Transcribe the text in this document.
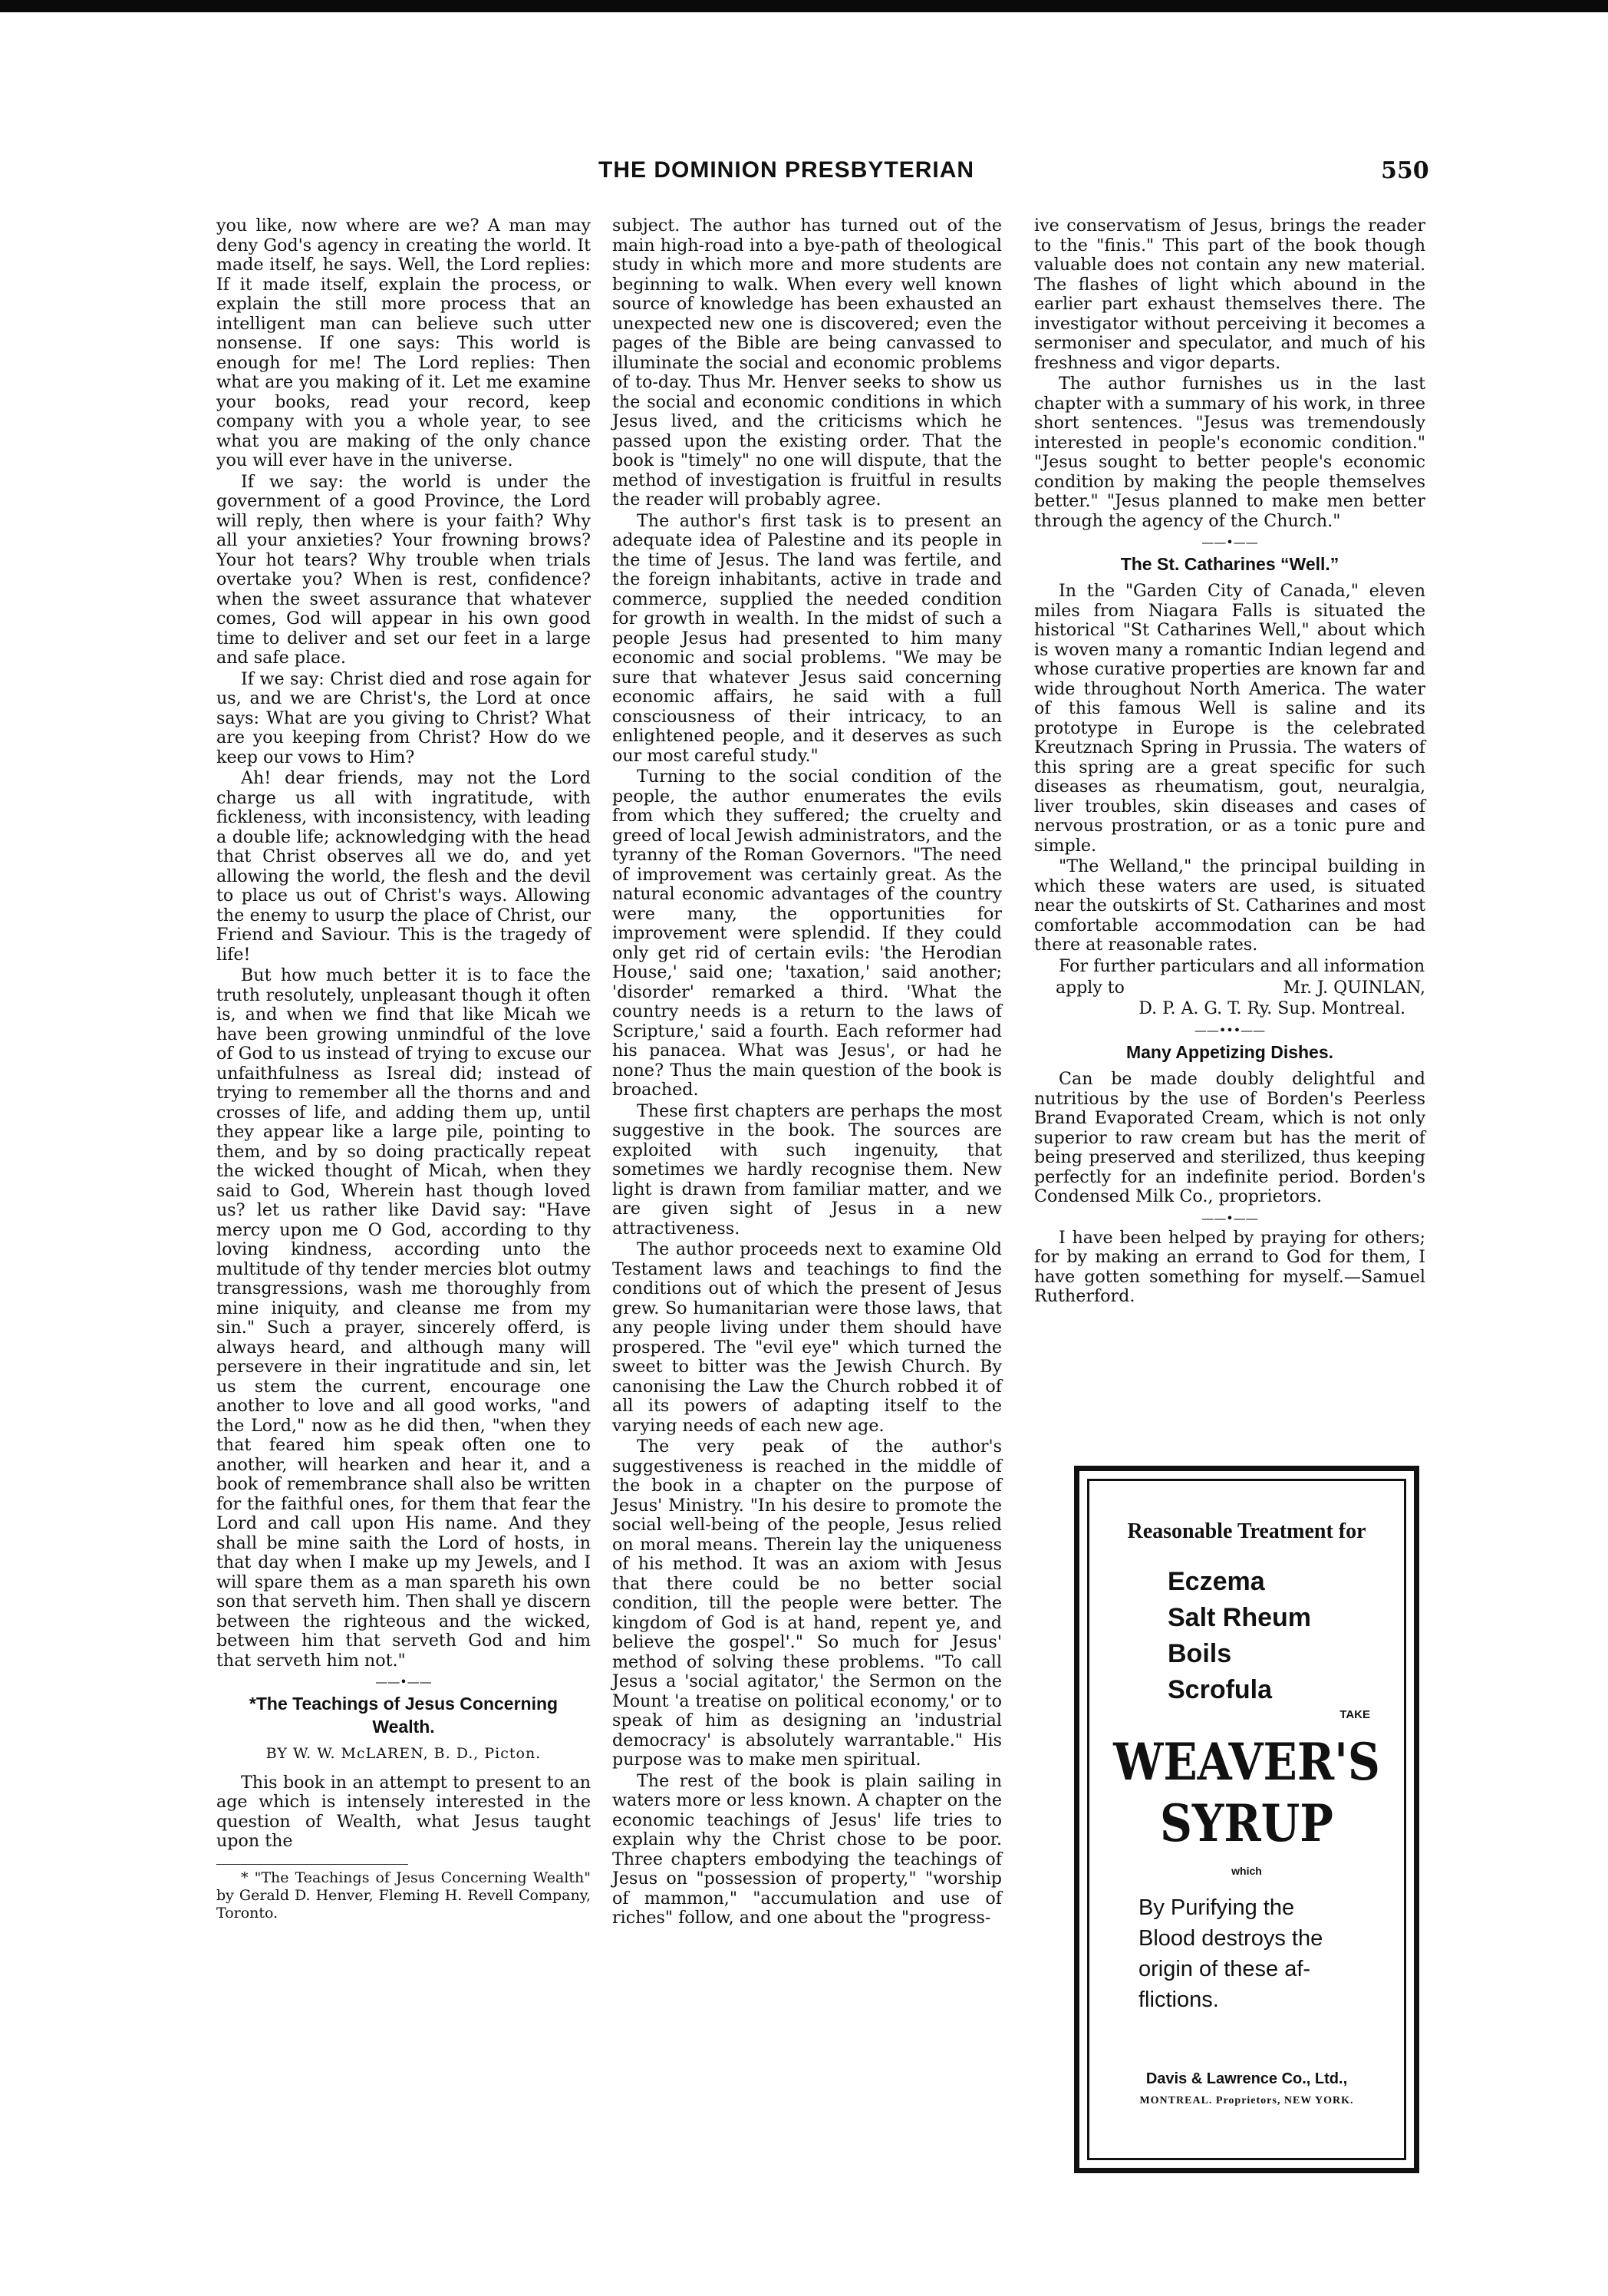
THE DOMINION PRESBYTERIAN	550

you like, now where are we? A man may deny God's agency in creating the world. It made itself, he says. Well, the Lord replies: If it made itself, explain the process, or explain the still more process that an intelligent man can believe such utter nonsense. If one says: This world is enough for me! The Lord replies: Then what are you making of it. Let me examine your books, read your record, keep company with you a whole year, to see what you are making of the only chance you will ever have in the universe.

If we say: the world is under the government of a good Province, the Lord will reply, then where is your faith? Why all your anxieties? Your frowning brows? Your hot tears? Why trouble when trials overtake you? When is rest, confidence? when the sweet assurance that whatever comes, God will appear in his own good time to deliver and set our feet in a large and safe place.

If we say: Christ died and rose again for us, and we are Christ's, the Lord at once says: What are you giving to Christ? What are you keeping from Christ? How do we keep our vows to Him?

Ah! dear friends, may not the Lord charge us all with ingratitude, with fickleness, with inconsistency, with leading a double life; acknowledging with the head that Christ observes all we do, and yet allowing the world, the flesh and the devil to place us out of Christ's ways. Allowing the enemy to usurp the place of Christ, our Friend and Saviour. This is the tragedy of life!

But how much better it is to face the truth resolutely, unpleasant though it often is, and when we find that like Micah we have been growing unmindful of the love of God to us instead of trying to excuse our unfaithfulness as Isreal did; instead of trying to remember all the thorns and and crosses of life, and adding them up, until they appear like a large pile, pointing to them, and by so doing practically repeat the wicked thought of Micah, when they said to God, Wherein hast though loved us? let us rather like David say: "Have mercy upon me O God, according to thy loving kindness, according unto the multitude of thy tender mercies blot outmy transgressions, wash me thoroughly from mine iniquity, and cleanse me from my sin." Such a prayer, sincerely offerd, is always heard, and although many will persevere in their ingratitude and sin, let us stem the current, encourage one another to love and all good works, "and the Lord," now as he did then, "when they that feared him speak often one to another, will hearken and hear it, and a book of remembrance shall also be written for the faithful ones, for them that fear the Lord and call upon His name. And they shall be mine saith the Lord of hosts, in that day when I make up my Jewels, and I will spare them as a man spareth his own son that serveth him. Then shall ye discern between the righteous and the wicked, between him that serveth God and him that serveth him not."

——•——
*The Teachings of Jesus Concerning Wealth.
BY W. W. McLAREN, B. D., Picton.

This book in an attempt to present to an age which is intensely interested in the question of Wealth, what Jesus taught upon the

* "The Teachings of Jesus Concerning Wealth" by Gerald D. Henver, Fleming H. Revell Company, Toronto.

subject. The author has turned out of the main high-road into a bye-path of theological study in which more and more students are beginning to walk. When every well known source of knowledge has been exhausted an unexpected new one is discovered; even the pages of the Bible are being canvassed to illuminate the social and economic problems of to-day. Thus Mr. Henver seeks to show us the social and economic conditions in which Jesus lived, and the criticisms which he passed upon the existing order. That the book is "timely" no one will dispute, that the method of investigation is fruitful in results the reader will probably agree.

The author's first task is to present an adequate idea of Palestine and its people in the time of Jesus. The land was fertile, and the foreign inhabitants, active in trade and commerce, supplied the needed condition for growth in wealth. In the midst of such a people Jesus had presented to him many economic and social problems. "We may be sure that whatever Jesus said concerning economic affairs, he said with a full consciousness of their intricacy, to an enlightened people, and it deserves as such our most careful study."

Turning to the social condition of the people, the author enumerates the evils from which they suffered; the cruelty and greed of local Jewish administrators, and the tyranny of the Roman Governors. "The need of improvement was certainly great. As the natural economic advantages of the country were many, the opportunities for improvement were splendid. If they could only get rid of certain evils: 'the Herodian House,' said one; 'taxation,' said another; 'disorder' remarked a third. 'What the country needs is a return to the laws of Scripture,' said a fourth. Each reformer had his panacea. What was Jesus', or had he none? Thus the main question of the book is broached.

These first chapters are perhaps the most suggestive in the book. The sources are exploited with such ingenuity, that sometimes we hardly recognise them. New light is drawn from familiar matter, and we are given sight of Jesus in a new attractiveness.

The author proceeds next to examine Old Testament laws and teachings to find the conditions out of which the present of Jesus grew. So humanitarian were those laws, that any people living under them should have prospered. The "evil eye" which turned the sweet to bitter was the Jewish Church. By canonising the Law the Church robbed it of all its powers of adapting itself to the varying needs of each new age.

The very peak of the author's suggestiveness is reached in the middle of the book in a chapter on the purpose of Jesus' Ministry. "In his desire to promote the social well-being of the people, Jesus relied on moral means. Therein lay the uniqueness of his method. It was an axiom with Jesus that there could be no better social condition, till the people were better. The kingdom of God is at hand, repent ye, and believe the gospel'." So much for Jesus' method of solving these problems. "To call Jesus a 'social agitator,' the Sermon on the Mount 'a treatise on political economy,' or to speak of him as designing an 'industrial democracy' is absolutely warrantable." His purpose was to make men spiritual.

The rest of the book is plain sailing in waters more or less known. A chapter on the economic teachings of Jesus' life tries to explain why the Christ chose to be poor. Three chapters embodying the teachings of Jesus on "possession of property," "worship of mammon," "accumulation and use of riches" follow, and one about the "progress-

ive conservatism of Jesus, brings the reader to the "finis." This part of the book though valuable does not contain any new material. The flashes of light which abound in the earlier part exhaust themselves there. The investigator without perceiving it becomes a sermoniser and speculator, and much of his freshness and vigor departs.

The author furnishes us in the last chapter with a summary of his work, in three short sentences. "Jesus was tremendously interested in people's economic condition." "Jesus sought to better people's economic condition by making the people themselves better." "Jesus planned to make men better through the agency of the Church."

——•——
The St. Catharines “Well.”

In the "Garden City of Canada," eleven miles from Niagara Falls is situated the historical "St Catharines Well," about which is woven many a romantic Indian legend and whose curative properties are known far and wide throughout North America. The water of this famous Well is saline and its prototype in Europe is the celebrated Kreutznach Spring in Prussia. The waters of this spring are a great specific for such diseases as rheumatism, gout, neuralgia, liver troubles, skin diseases and cases of nervous prostration, or as a tonic pure and simple.

"The Welland," the principal building in which these waters are used, is situated near the outskirts of St. Catharines and most comfortable accommodation can be had there at reasonable rates.

For further particulars and all information

apply to	Mr. J. QUINLAN,
D. P. A. G. T. Ry. Sup. Montreal.
——•••——
Many Appetizing Dishes.

Can be made doubly delightful and nutritious by the use of Borden's Peerless Brand Evaporated Cream, which is not only superior to raw cream but has the merit of being preserved and sterilized, thus keeping perfectly for an indefinite period. Borden's Condensed Milk Co., proprietors.

——•——

I have been helped by praying for others; for by making an errand to God for them, I have gotten something for myself.—Samuel Rutherford.

Reasonable Treatment for
Eczema
Salt Rheum
Boils
Scrofula
TAKE
WEAVER'S
SYRUP
which
By Purifying the
Blood destroys the
origin of these af-
flictions.
Davis & Lawrence Co., Ltd.,
MONTREAL. Proprietors, NEW YORK.
